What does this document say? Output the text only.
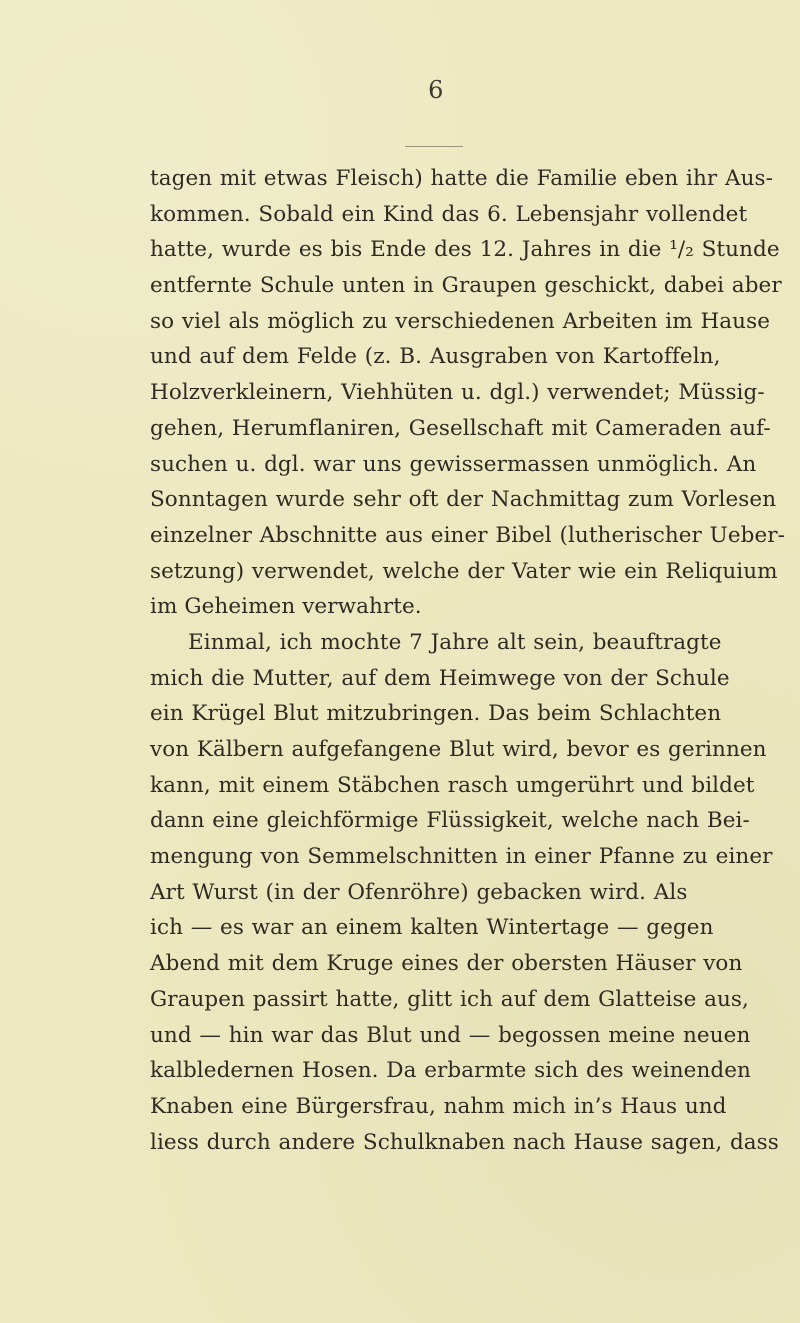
6
tagen mit etwas Fleisch) hatte die Familie eben ihr Aus-
kommen. Sobald ein Kind das 6. Lebensjahr vollendet
hatte, wurde es bis Ende des 12. Jahres in die ¹/₂ Stunde
entfernte Schule unten in Graupen geschickt, dabei aber
so viel als möglich zu verschiedenen Arbeiten im Hause
und auf dem Felde (z. B. Ausgraben von Kartoffeln,
Holzverkleinern, Viehhüten u. dgl.) verwendet; Müssig-
gehen, Herumflaniren, Gesellschaft mit Cameraden auf-
suchen u. dgl. war uns gewissermassen unmöglich. An
Sonntagen wurde sehr oft der Nachmittag zum Vorlesen
einzelner Abschnitte aus einer Bibel (lutherischer Ueber-
setzung) verwendet, welche der Vater wie ein Reliquium
im Geheimen verwahrte.
Einmal, ich mochte 7 Jahre alt sein, beauftragte
mich die Mutter, auf dem Heimwege von der Schule
ein Krügel Blut mitzubringen. Das beim Schlachten
von Kälbern aufgefangene Blut wird, bevor es gerinnen
kann, mit einem Stäbchen rasch umgerührt und bildet
dann eine gleichförmige Flüssigkeit, welche nach Bei-
mengung von Semmelschnitten in einer Pfanne zu einer
Art Wurst (in der Ofenröhre) gebacken wird. Als
ich — es war an einem kalten Wintertage — gegen
Abend mit dem Kruge eines der obersten Häuser von
Graupen passirt hatte, glitt ich auf dem Glatteise aus,
und — hin war das Blut und — begossen meine neuen
kalbledernen Hosen. Da erbarmte sich des weinenden
Knaben eine Bürgersfrau, nahm mich in’s Haus und
liess durch andere Schulknaben nach Hause sagen, dass
